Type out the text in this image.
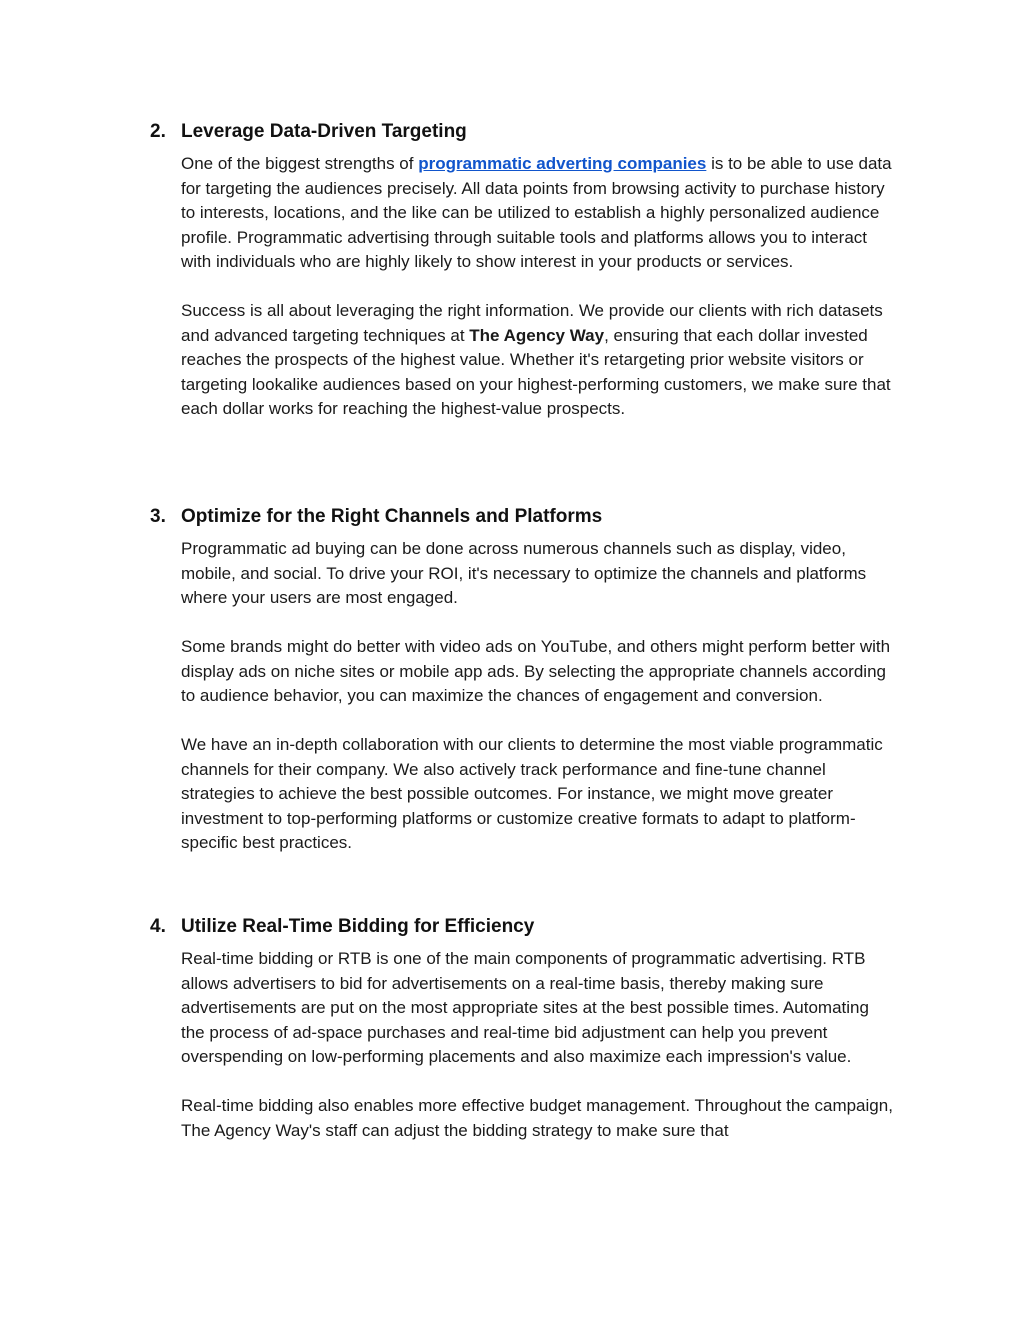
2. Leverage Data-Driven Targeting

One of the biggest strengths of programmatic adverting companies is to be able to use data for targeting the audiences precisely. All data points from browsing activity to purchase history to interests, locations, and the like can be utilized to establish a highly personalized audience profile. Programmatic advertising through suitable tools and platforms allows you to interact with individuals who are highly likely to show interest in your products or services.

Success is all about leveraging the right information. We provide our clients with rich datasets and advanced targeting techniques at The Agency Way, ensuring that each dollar invested reaches the prospects of the highest value. Whether it's retargeting prior website visitors or targeting lookalike audiences based on your highest-performing customers, we make sure that each dollar works for reaching the highest-value prospects.

3. Optimize for the Right Channels and Platforms

Programmatic ad buying can be done across numerous channels such as display, video, mobile, and social. To drive your ROI, it's necessary to optimize the channels and platforms where your users are most engaged.

Some brands might do better with video ads on YouTube, and others might perform better with display ads on niche sites or mobile app ads. By selecting the appropriate channels according to audience behavior, you can maximize the chances of engagement and conversion.

We have an in-depth collaboration with our clients to determine the most viable programmatic channels for their company. We also actively track performance and fine-tune channel strategies to achieve the best possible outcomes. For instance, we might move greater investment to top-performing platforms or customize creative formats to adapt to platform-specific best practices.

4. Utilize Real-Time Bidding for Efficiency

Real-time bidding or RTB is one of the main components of programmatic advertising. RTB allows advertisers to bid for advertisements on a real-time basis, thereby making sure advertisements are put on the most appropriate sites at the best possible times. Automating the process of ad-space purchases and real-time bid adjustment can help you prevent overspending on low-performing placements and also maximize each impression's value.

Real-time bidding also enables more effective budget management. Throughout the campaign, The Agency Way's staff can adjust the bidding strategy to make sure that
